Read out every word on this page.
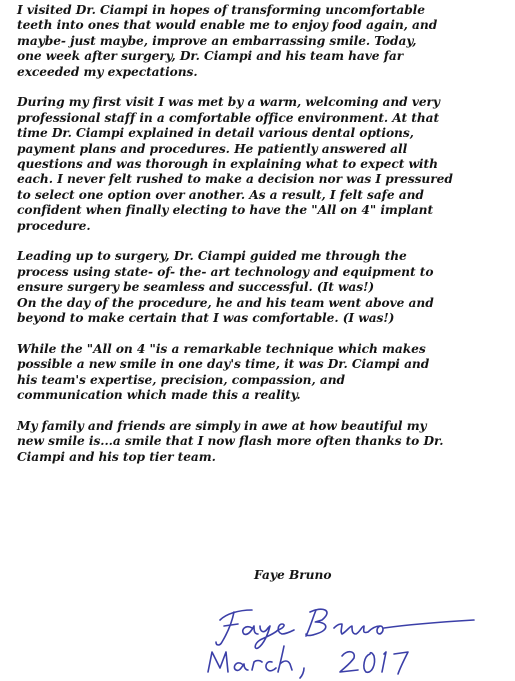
I visited Dr. Ciampi in hopes of transforming uncomfortable
teeth into ones that would enable me to enjoy food again, and
maybe- just maybe, improve an embarrassing smile. Today,
one week after surgery, Dr. Ciampi and his team have far
exceeded my expectations.
During my first visit I was met by a warm, welcoming and very
professional staff in a comfortable office environment. At that
time Dr. Ciampi explained in detail various dental options,
payment plans and procedures. He patiently answered all
questions and was thorough in explaining what to expect with
each. I never felt rushed to make a decision nor was I pressured
to select one option over another. As a result, I felt safe and
confident when finally electing to have the "All on 4" implant
procedure.
Leading up to surgery, Dr. Ciampi guided me through the
process using state- of- the- art technology and equipment to
ensure surgery be seamless and successful. (It was!)
On the day of the procedure, he and his team went above and
beyond to make certain that I was comfortable. (I was!)
While the "All on 4 "is a remarkable technique which makes
possible a new smile in one day's time, it was Dr. Ciampi and
his team's expertise, precision, compassion, and
communication which made this a reality.
My family and friends are simply in awe at how beautiful my
new smile is...a smile that I now flash more often thanks to Dr.
Ciampi and his top tier team.
Faye Bruno
